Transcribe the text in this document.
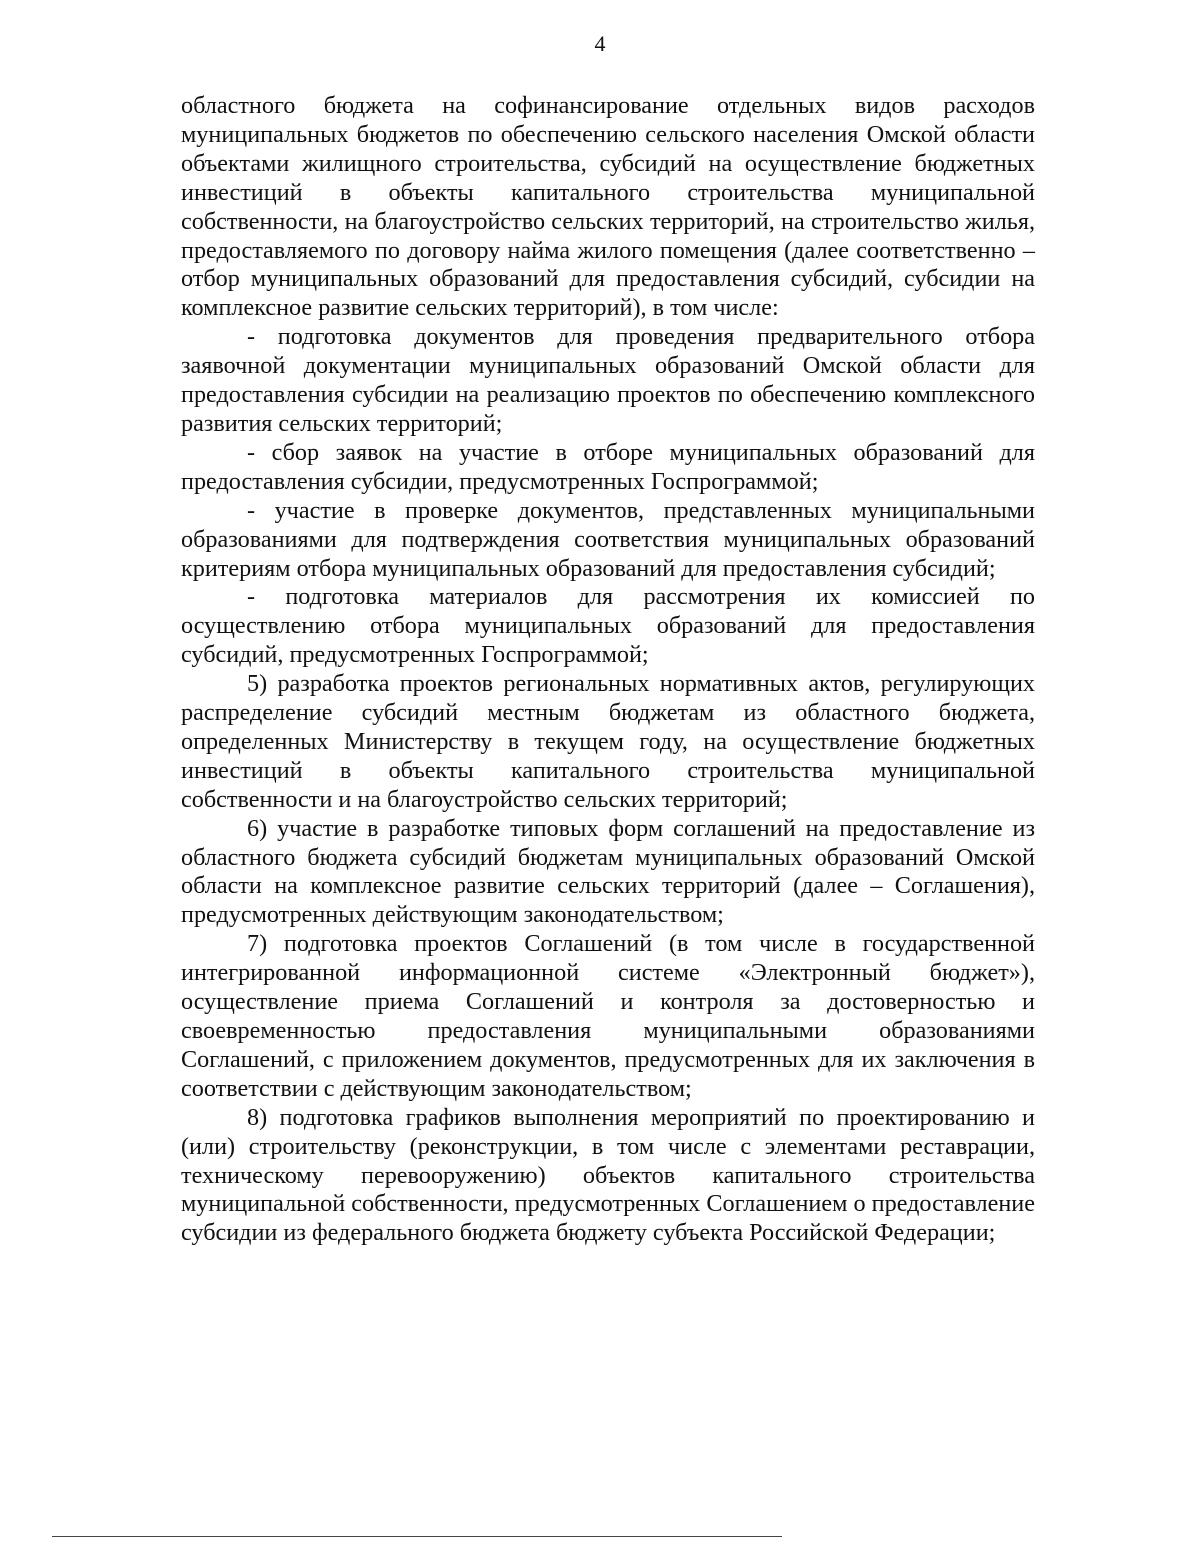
4

областного бюджета на софинансирование отдельных видов расходов муниципальных бюджетов по обеспечению сельского населения Омской области объектами жилищного строительства, субсидий на осуществление бюджетных инвестиций в объекты капитального строительства муниципальной собственности, на благоустройство сельских территорий, на строительство жилья, предоставляемого по договору найма жилого помещения (далее соответственно – отбор муниципальных образований для предоставления субсидий, субсидии на комплексное развитие сельских территорий), в том числе:

- подготовка документов для проведения предварительного отбора заявочной документации муниципальных образований Омской области для предоставления субсидии на реализацию проектов по обеспечению комплексного развития сельских территорий;

- сбор заявок на участие в отборе муниципальных образований для предоставления субсидии, предусмотренных Госпрограммой;

- участие в проверке документов, представленных муниципальными образованиями для подтверждения соответствия муниципальных образований критериям отбора муниципальных образований для предоставления субсидий;

- подготовка материалов для рассмотрения их комиссией по осуществлению отбора муниципальных образований для предоставления субсидий, предусмотренных Госпрограммой;

5) разработка проектов региональных нормативных актов, регулирующих распределение субсидий местным бюджетам из областного бюджета, определенных Министерству в текущем году, на осуществление бюджетных инвестиций в объекты капитального строительства муниципальной собственности и на благоустройство сельских территорий;

6) участие в разработке типовых форм соглашений на предоставление из областного бюджета субсидий бюджетам муниципальных образований Омской области на комплексное развитие сельских территорий (далее – Соглашения), предусмотренных действующим законодательством;

7) подготовка проектов Соглашений (в том числе в государственной интегрированной информационной системе «Электронный бюджет»), осуществление приема Соглашений и контроля за достоверностью и своевременностью предоставления муниципальными образованиями Соглашений, с приложением документов, предусмотренных для их заключения в соответствии с действующим законодательством;

8) подготовка графиков выполнения мероприятий по проектированию и (или) строительству (реконструкции, в том числе с элементами реставрации, техническому перевооружению) объектов капитального строительства муниципальной собственности, предусмотренных Соглашением о предоставление субсидии из федерального бюджета бюджету субъекта Российской Федерации;
